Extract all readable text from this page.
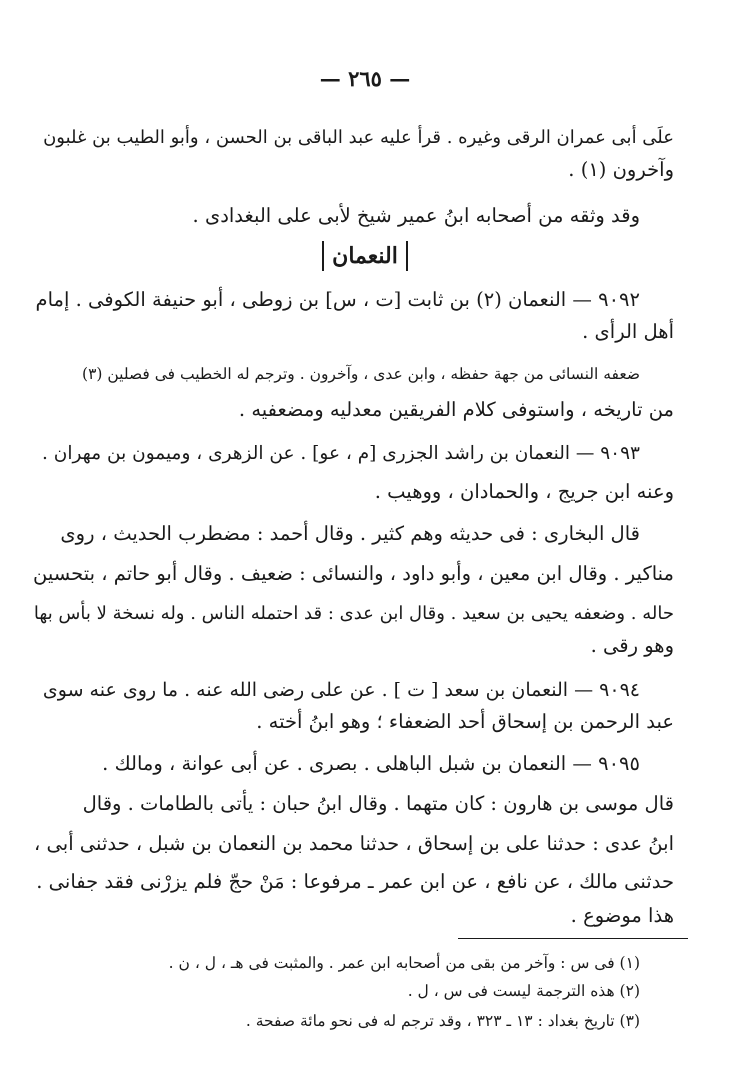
— ٢٦٥ —
علَى أبى عمران الرقى وغيره . قرأ عليه عبد الباقى بن الحسن ، وأبو الطيب بن غلبون
وآخرون (١) .
وقد وثقه من أصحابه ابنُ عمير شيخ لأبى على البغدادى .
النعمان
٩٠٩٢ — النعمان (٢) بن ثابت [ت ، س] بن زوطى ، أبو حنيفة الكوفى . إمام
أهل الرأى .
ضعفه النسائى من جهة حفظه ، وابن عدى ، وآخرون . وترجم له الخطيب فى فصلين (٣)
من تاريخه ، واستوفى كلام الفريقين معدليه ومضعفيه .
٩٠٩٣ — النعمان بن راشد الجزرى [م ، عو] . عن الزهرى ، وميمون بن مهران .
وعنه ابن جريج ، والحمادان ، ووهيب .
قال البخارى : فى حديثه وهم كثير . وقال أحمد : مضطرب الحديث ، روى
مناكير . وقال ابن معين ، وأبو داود ، والنسائى : ضعيف . وقال أبو حاتم ، بتحسين
حاله . وضعفه يحيى بن سعيد . وقال ابن عدى : قد احتمله الناس . وله نسخة لا بأس بها
وهو رقى .
٩٠٩٤ — النعمان بن سعد [ ت ] . عن على رضى الله عنه . ما روى عنه سوى
عبد الرحمن بن إسحاق أحد الضعفاء ؛ وهو ابنُ أخته .
٩٠٩٥ — النعمان بن شبل الباهلى . بصرى . عن أبى عوانة ، ومالك .
قال موسى بن هارون : كان متهما . وقال ابنُ حبان : يأتى بالطامات . وقال
ابنُ عدى : حدثنا على بن إسحاق ، حدثنا محمد بن النعمان بن شبل ، حدثنى أبى ،
حدثنى مالك ، عن نافع ، عن ابن عمر ـ مرفوعا : مَنْ حجّ فلم يزرْنى فقد جفانى .
هذا موضوع .
(١) فى س : وآخر من بقى من أصحابه ابن عمر . والمثبت فى هـ ، ل ، ن .
(٢) هذه الترجمة ليست فى س ، ل .
(٣) تاريخ بغداد : ١٣ ـ ٣٢٣ ، وقد ترجم له فى نحو مائة صفحة .
